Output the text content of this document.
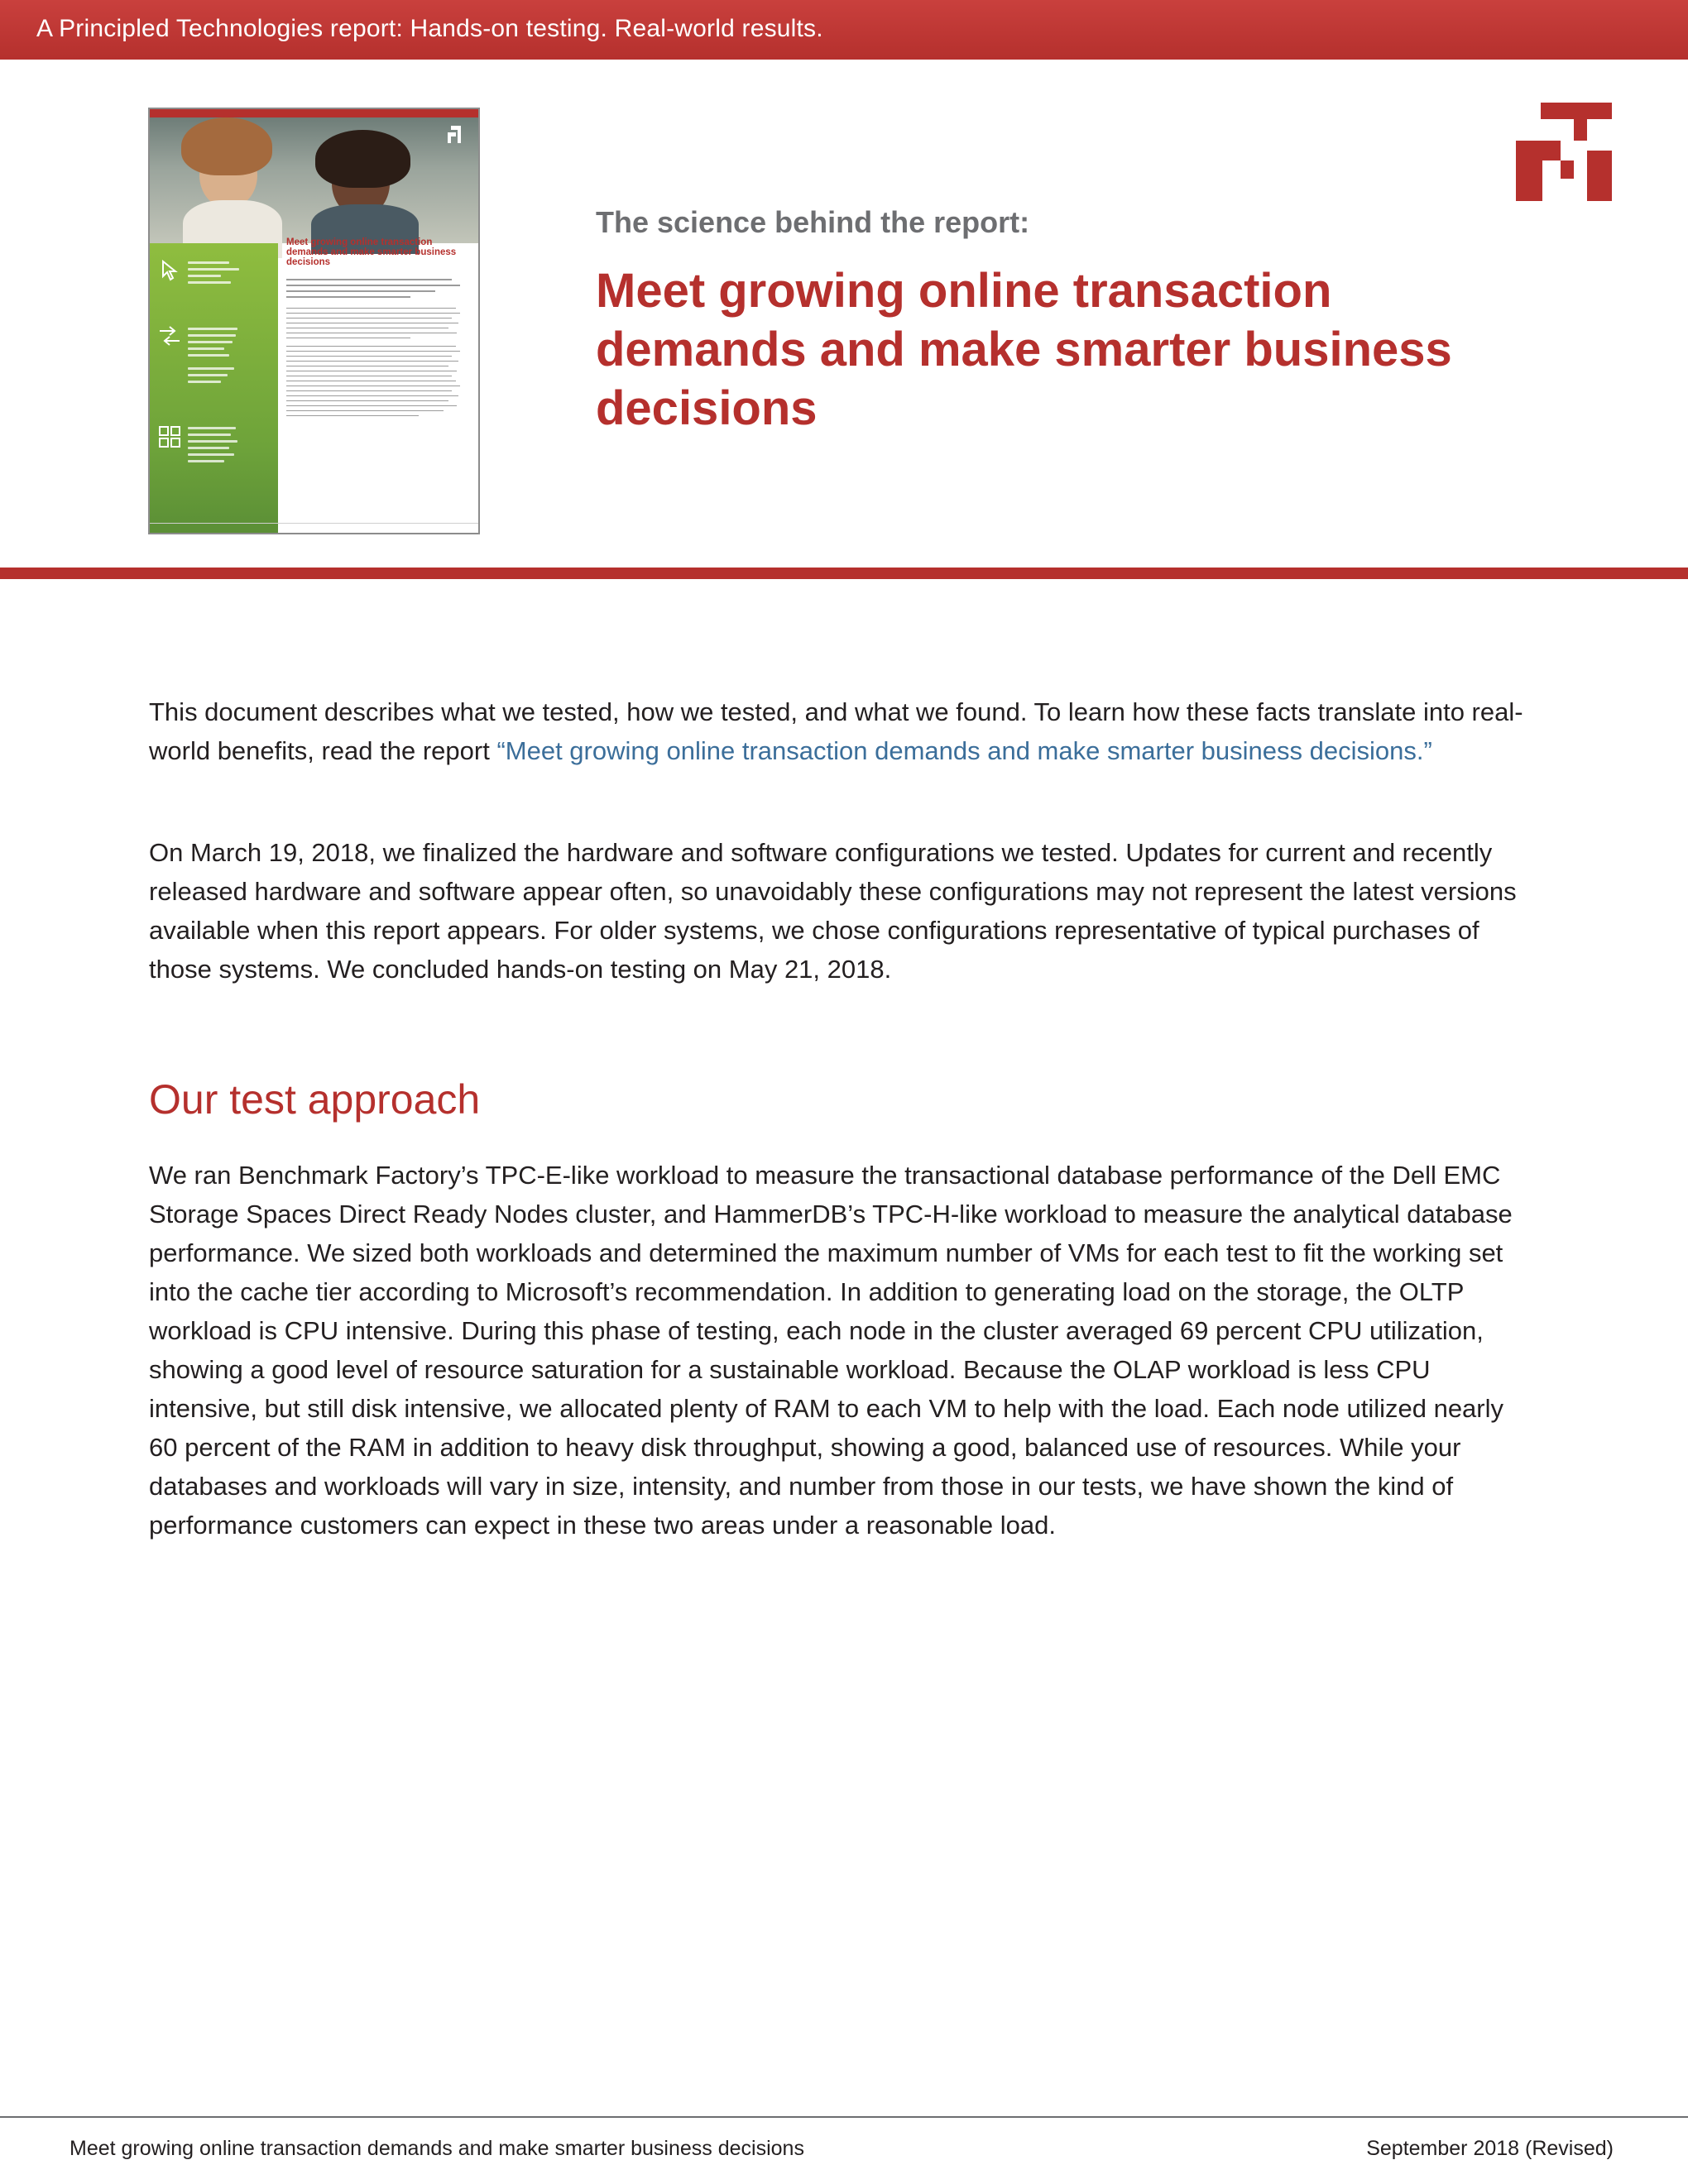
A Principled Technologies report: Hands-on testing. Real-world results.
Meet growing online transaction demands and make smarter business decisions
The science behind the report:
Meet growing online transaction demands and make smarter business decisions

This document describes what we tested, how we tested, and what we found. To learn how these facts translate into real-world benefits, read the report “Meet growing online transaction demands and make smarter business decisions.”

On March 19, 2018, we finalized the hardware and software configurations we tested. Updates for current and recently released hardware and software appear often, so unavoidably these configurations may not represent the latest versions available when this report appears. For older systems, we chose configurations representative of typical purchases of those systems. We concluded hands-on testing on May 21, 2018.

Our test approach

We ran Benchmark Factory’s TPC-E-like workload to measure the transactional database performance of the Dell EMC Storage Spaces Direct Ready Nodes cluster, and HammerDB’s TPC-H-like workload to measure the analytical database performance. We sized both workloads and determined the maximum number of VMs for each test to fit the working set into the cache tier according to Microsoft’s recommendation. In addition to generating load on the storage, the OLTP workload is CPU intensive. During this phase of testing, each node in the cluster averaged 69 percent CPU utilization, showing a good level of resource saturation for a sustainable workload. Because the OLAP workload is less CPU intensive, but still disk intensive, we allocated plenty of RAM to each VM to help with the load. Each node utilized nearly 60 percent of the RAM in addition to heavy disk throughput, showing a good, balanced use of resources. While your databases and workloads will vary in size, intensity, and number from those in our tests, we have shown the kind of performance customers can expect in these two areas under a reasonable load.

Meet growing online transaction demands and make smarter business decisions	September 2018 (Revised)
